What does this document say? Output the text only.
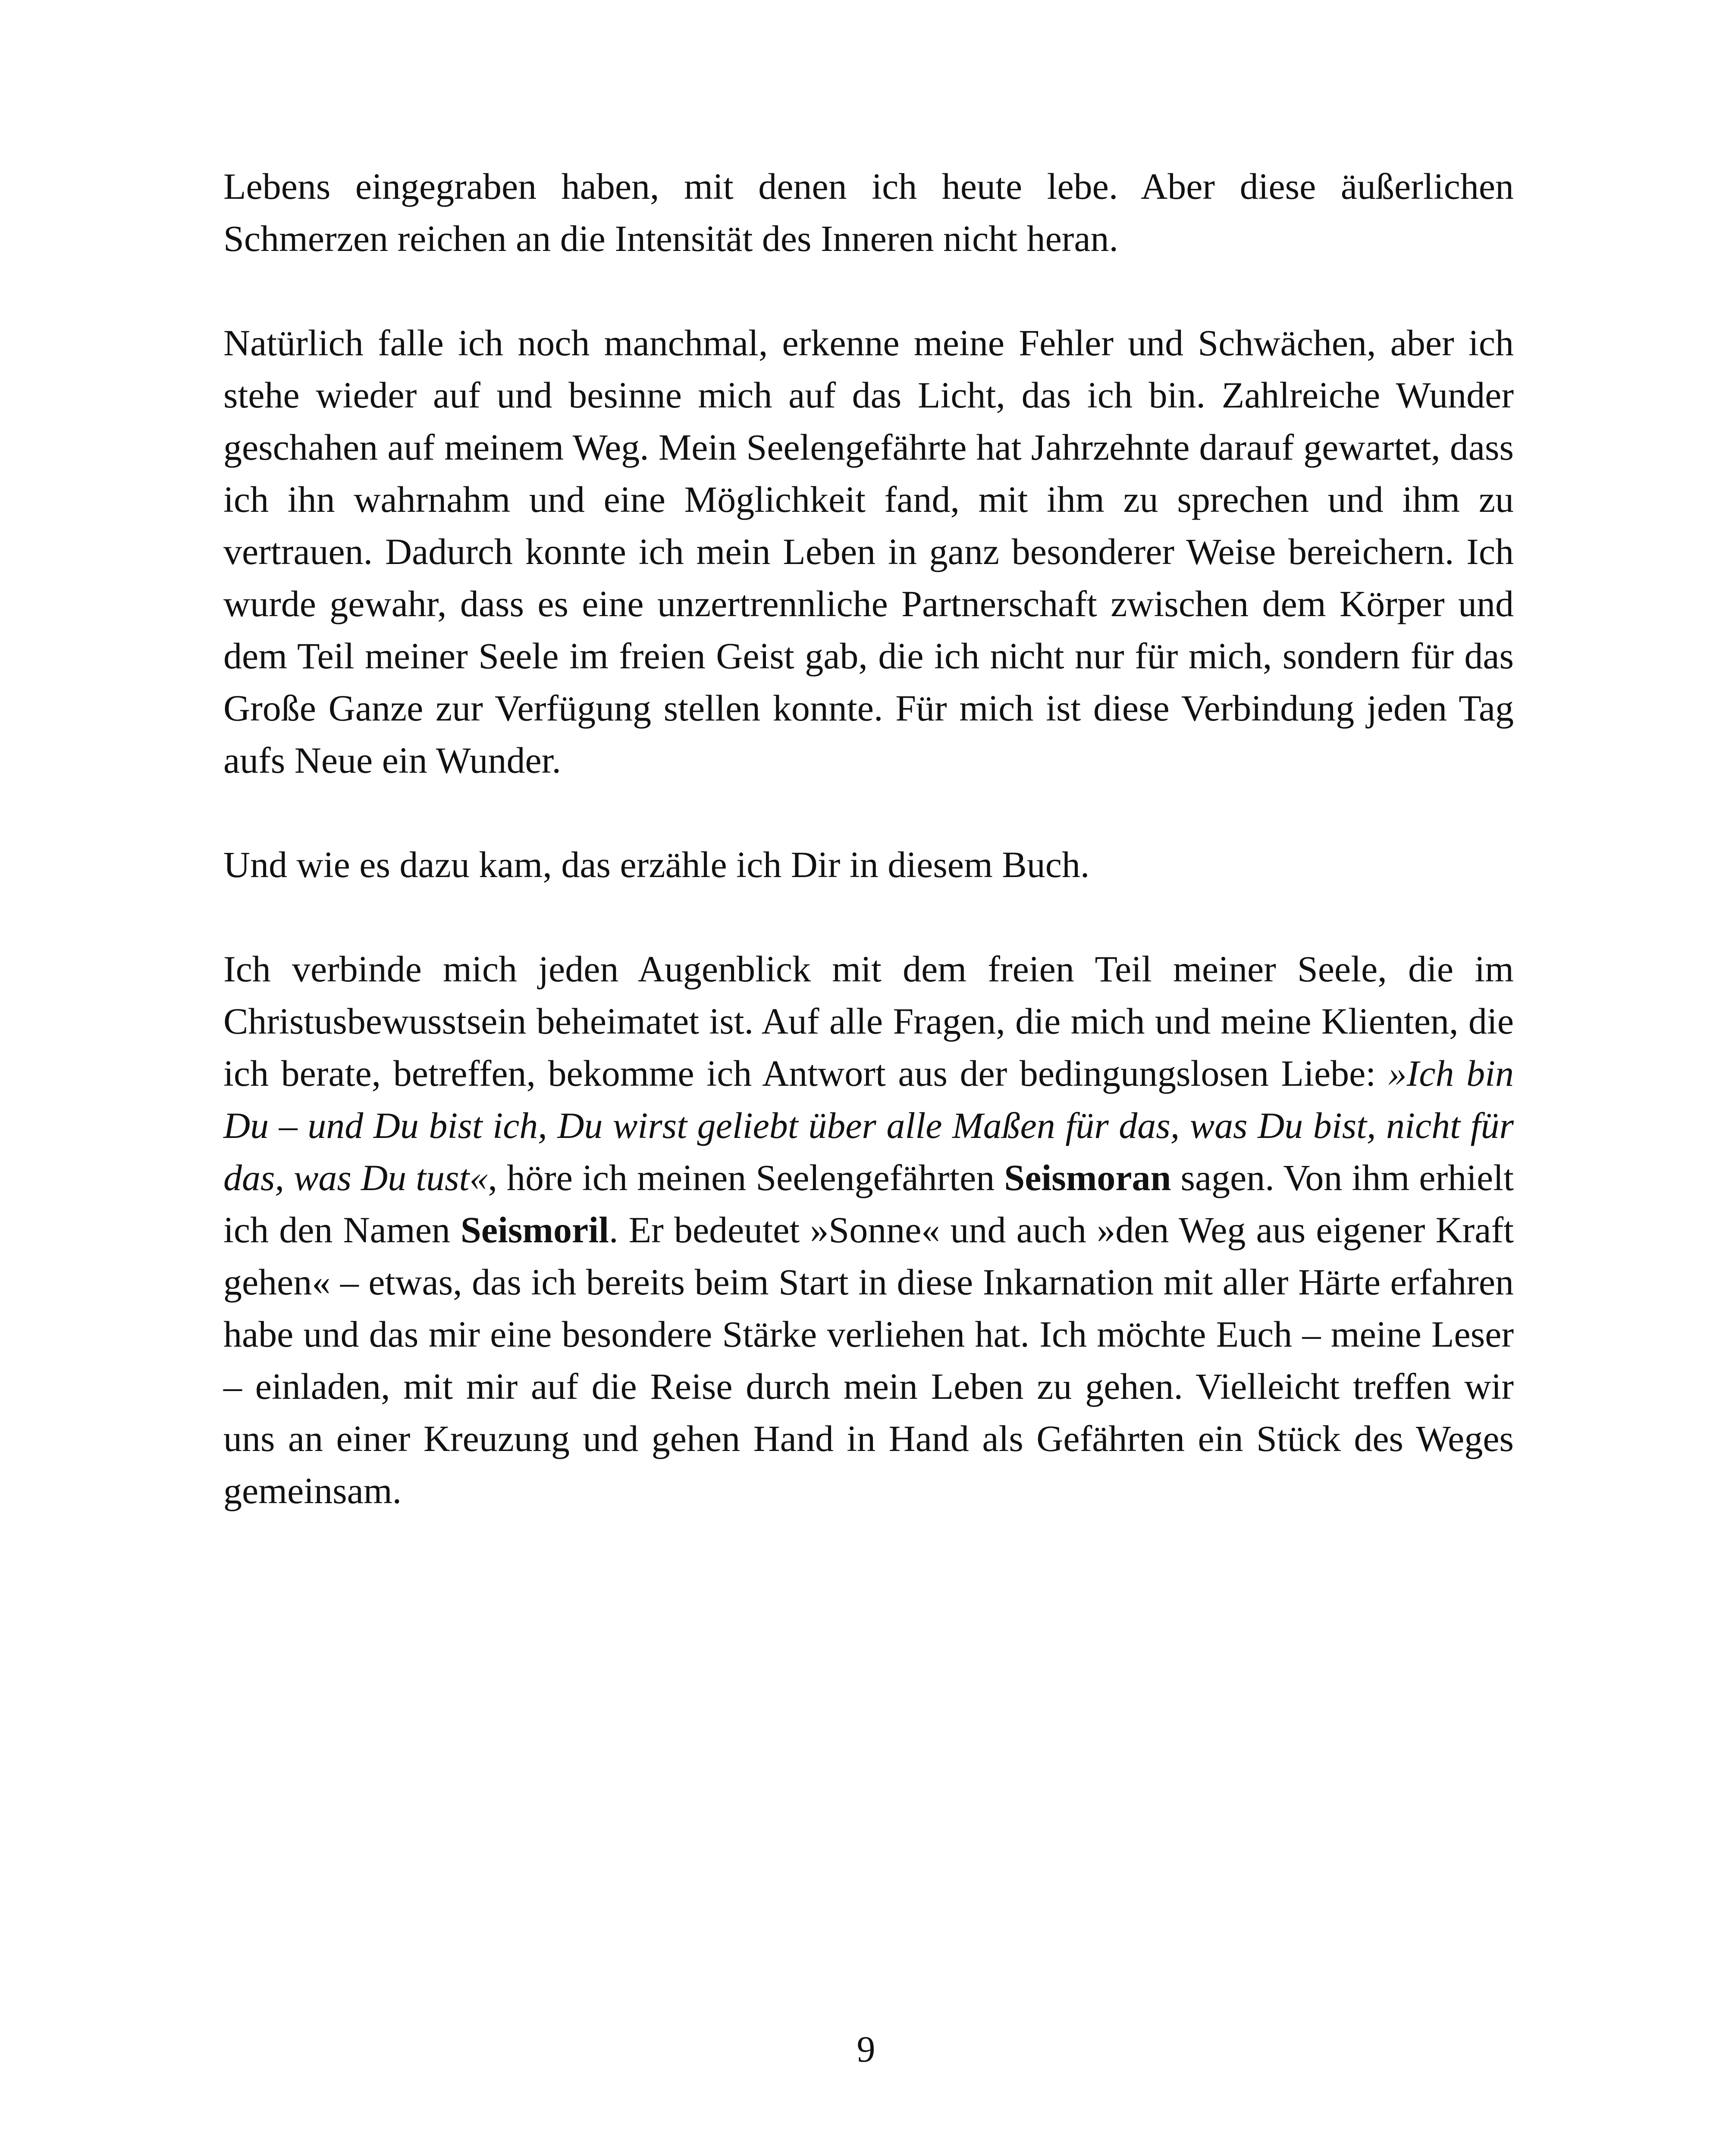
Lebens eingegraben haben, mit denen ich heute lebe. Aber diese äußerlichen Schmerzen reichen an die Intensität des Inneren nicht heran.

Natürlich falle ich noch manchmal, erkenne meine Fehler und Schwächen, aber ich stehe wieder auf und besinne mich auf das Licht, das ich bin. Zahlreiche Wunder geschahen auf meinem Weg. Mein Seelengefährte hat Jahrzehnte darauf gewartet, dass ich ihn wahrnahm und eine Möglichkeit fand, mit ihm zu sprechen und ihm zu vertrauen. Dadurch konnte ich mein Leben in ganz besonderer Weise bereichern. Ich wurde gewahr, dass es eine unzertrennliche Partnerschaft zwischen dem Körper und dem Teil meiner Seele im freien Geist gab, die ich nicht nur für mich, sondern für das Große Ganze zur Verfügung stellen konnte. Für mich ist diese Verbindung jeden Tag aufs Neue ein Wunder.

Und wie es dazu kam, das erzähle ich Dir in diesem Buch.

Ich verbinde mich jeden Augenblick mit dem freien Teil meiner Seele, die im Christusbewusstsein beheimatet ist. Auf alle Fragen, die mich und meine Klienten, die ich berate, betreffen, bekomme ich Antwort aus der bedingungslosen Liebe: »Ich bin Du – und Du bist ich, Du wirst geliebt über alle Maßen für das, was Du bist, nicht für das, was Du tust«, höre ich meinen Seelengefährten Seismoran sagen. Von ihm erhielt ich den Namen Seismoril. Er bedeutet »Sonne« und auch »den Weg aus eigener Kraft gehen« – etwas, das ich bereits beim Start in diese Inkarnation mit aller Härte erfahren habe und das mir eine besondere Stärke verliehen hat. Ich möchte Euch – meine Leser – einladen, mit mir auf die Reise durch mein Leben zu gehen. Vielleicht treffen wir uns an einer Kreuzung und gehen Hand in Hand als Gefährten ein Stück des Weges gemeinsam.

9
